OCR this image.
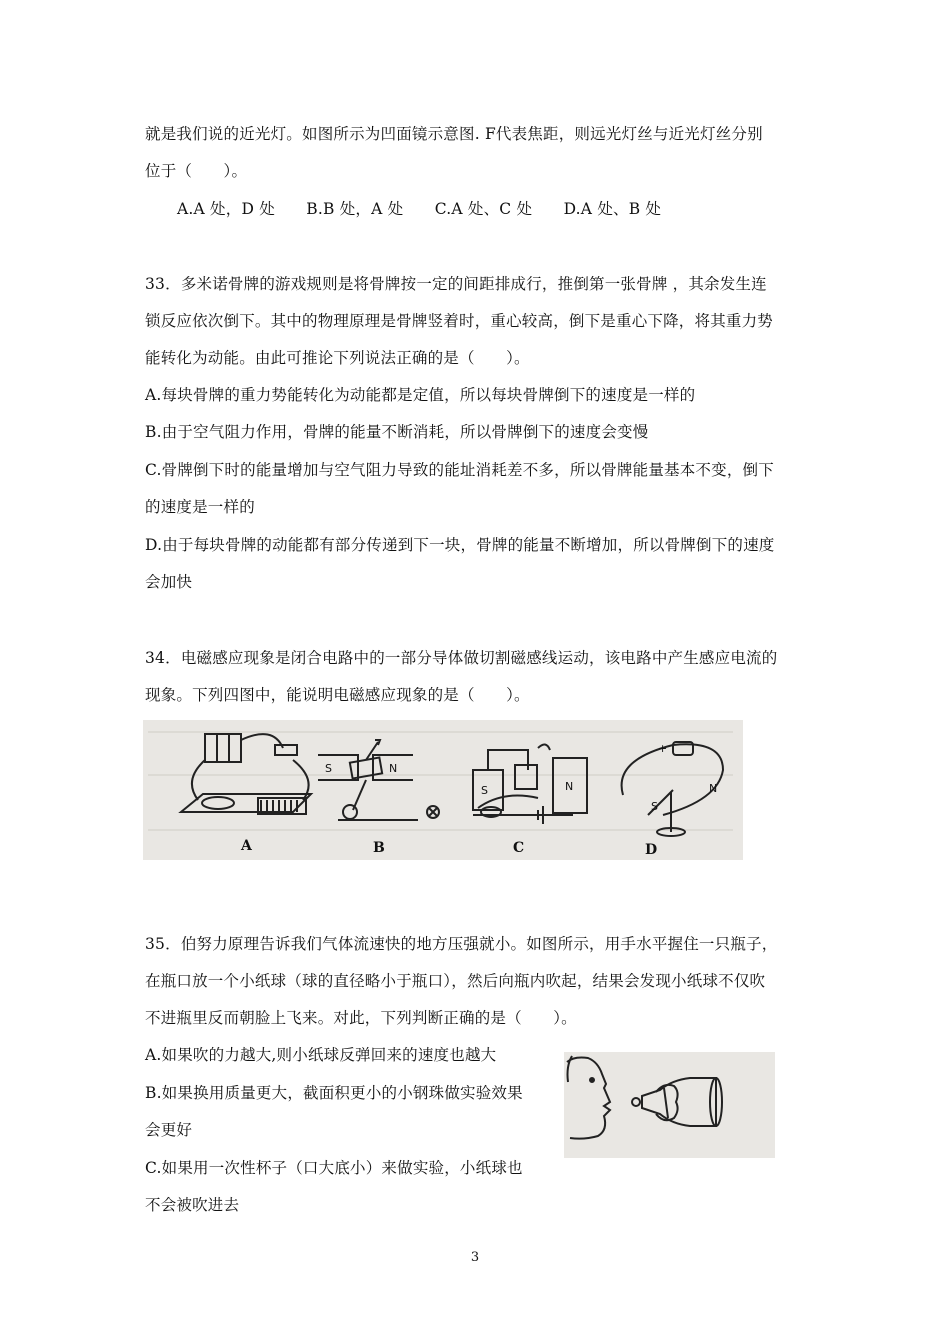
就是我们说的近光灯。如图所示为凹面镜示意图. F代表焦距，则远光灯丝与近光灯丝分别
位于（　　）。
A.A 处，D 处　　B.B 处，A 处　　C.A 处、C 处　　D.A 处、B 处
33．多米诺骨牌的游戏规则是将骨牌按一定的间距排成行，推倒第一张骨牌 ，其余发生连
锁反应依次倒下。其中的物理原理是骨牌竖着时，重心较高，倒下是重心下降，将其重力势
能转化为动能。由此可推论下列说法正确的是（　　）。
A.每块骨牌的重力势能转化为动能都是定值，所以每块骨牌倒下的速度是一样的
B.由于空气阻力作用，骨牌的能量不断消耗，所以骨牌倒下的速度会变慢
C.骨牌倒下时的能量增加与空气阻力导致的能址消耗差不多，所以骨牌能量基本不变，倒下
的速度是一样的
D.由于每块骨牌的动能都有部分传递到下一块，骨牌的能量不断增加，所以骨牌倒下的速度
会加快
34．电磁感应现象是闭合电路中的一部分导体做切割磁感线运动，该电路中产生感应电流的
现象。下列四图中，能说明电磁感应现象的是（　　）。
S	N
S	N
+
N
S
A	B	C	D
35．伯努力原理告诉我们气体流速快的地方压强就小。如图所示，用手水平握住一只瓶子，
在瓶口放一个小纸球（球的直径略小于瓶口），然后向瓶内吹起，结果会发现小纸球不仅吹
不进瓶里反而朝脸上飞来。对此，下列判断正确的是（　　）。
A.如果吹的力越大,则小纸球反弹回来的速度也越大
B.如果换用质量更大，截面积更小的小钢珠做实验效果
会更好
C.如果用一次性杯子（口大底小）来做实验，小纸球也
不会被吹进去
3
